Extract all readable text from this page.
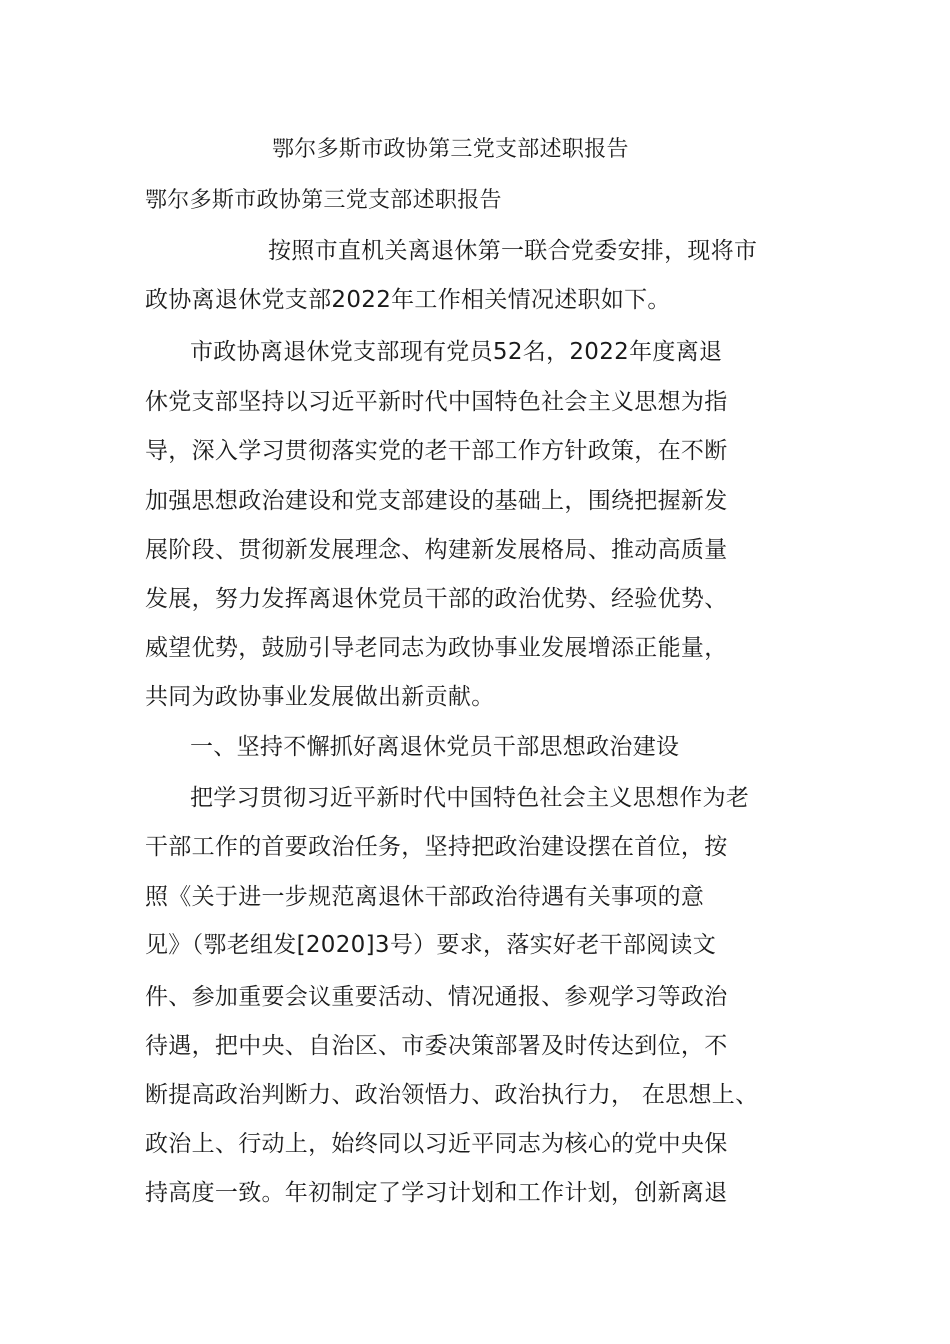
鄂尔多斯市政协第三党支部述职报告
鄂尔多斯市政协第三党支部述职报告
按照市直机关离退休第一联合党委安排，现将市
政协离退休党支部2022年工作相关情况述职如下。
市政协离退休党支部现有党员52名，2022年度离退
休党支部坚持以习近平新时代中国特色社会主义思想为指
导，深入学习贯彻落实党的老干部工作方针政策，在不断
加强思想政治建设和党支部建设的基础上，围绕把握新发
展阶段、贯彻新发展理念、构建新发展格局、推动高质量
发展，努力发挥离退休党员干部的政治优势、经验优势、
威望优势，鼓励引导老同志为政协事业发展增添正能量，
共同为政协事业发展做出新贡献。
一、坚持不懈抓好离退休党员干部思想政治建设
把学习贯彻习近平新时代中国特色社会主义思想作为老
干部工作的首要政治任务，坚持把政治建设摆在首位，按
照《关于进一步规范离退休干部政治待遇有关事项的意
见》（鄂老组发[2020]3号）要求，落实好老干部阅读文
件、参加重要会议重要活动、情况通报、参观学习等政治
待遇，把中央、自治区、市委决策部署及时传达到位，不
断提高政治判断力、政治领悟力、政治执行力， 在思想上、
政治上、行动上，始终同以习近平同志为核心的党中央保
持高度一致。年初制定了学习计划和工作计划，创新离退
